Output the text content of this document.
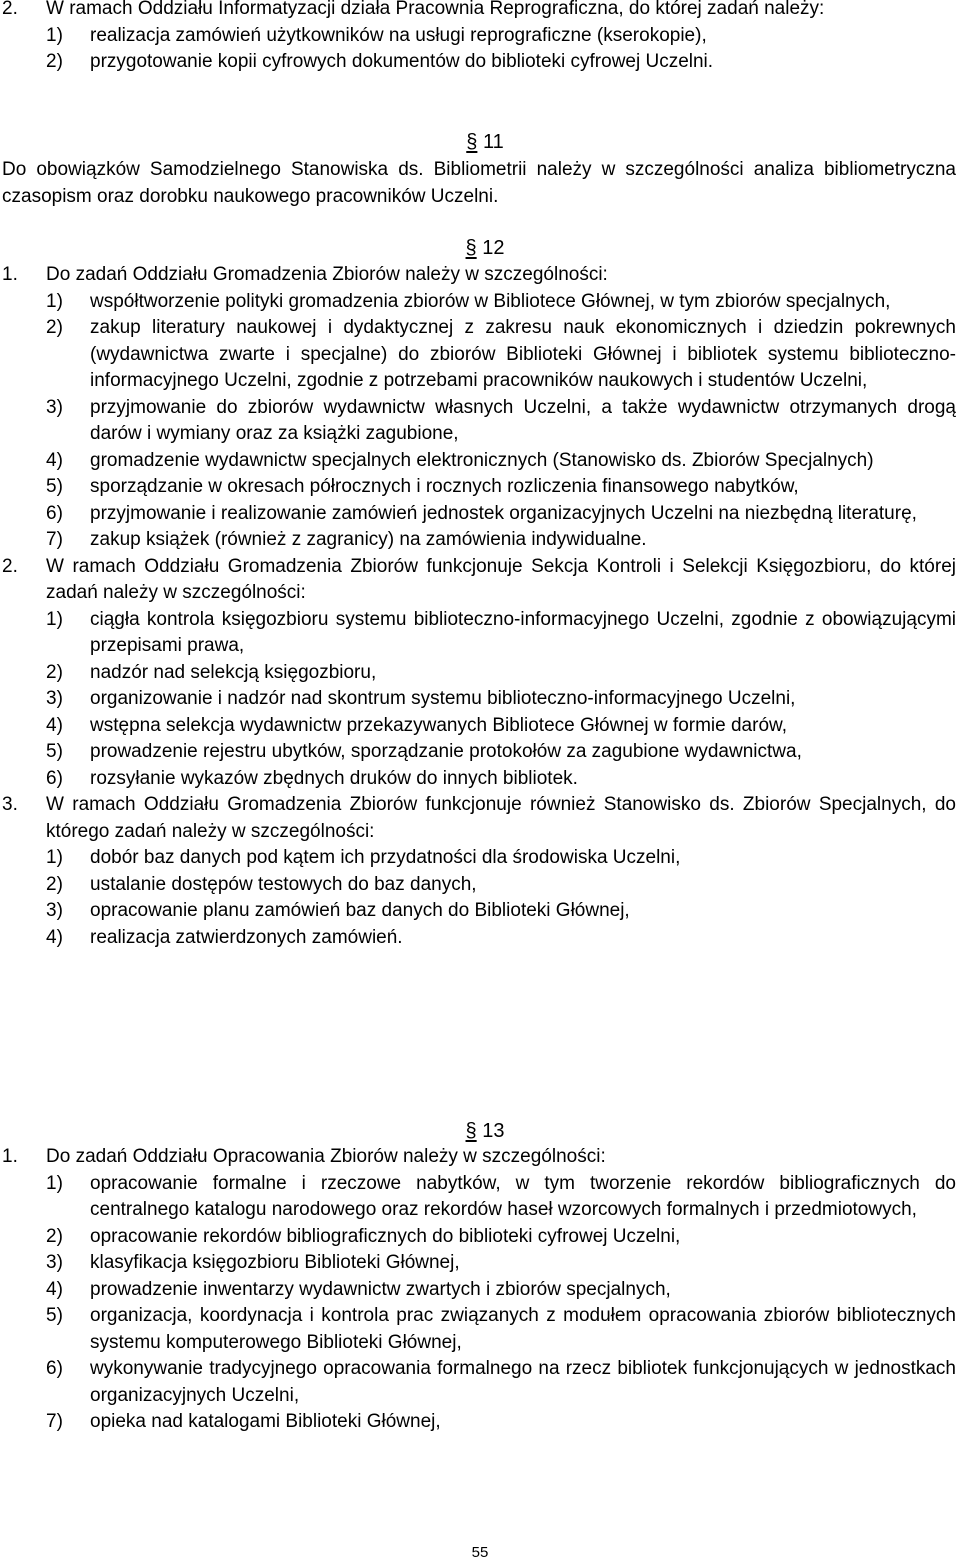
2. W ramach Oddziału Informatyzacji działa Pracownia Reprograficzna, do której zadań należy:
1) realizacja zamówień użytkowników na usługi reprograficzne (kserokopie),
2) przygotowanie kopii cyfrowych dokumentów do biblioteki cyfrowej Uczelni.
§ 11
Do obowiązków Samodzielnego Stanowiska ds. Bibliometrii należy w szczególności analiza bibliometryczna czasopism oraz dorobku naukowego pracowników Uczelni.
§ 12
1. Do zadań Oddziału Gromadzenia Zbiorów należy w szczególności:
1) współtworzenie polityki gromadzenia zbiorów w Bibliotece Głównej, w tym zbiorów specjalnych,
2) zakup literatury naukowej i dydaktycznej z zakresu nauk ekonomicznych i dziedzin pokrewnych (wydawnictwa zwarte i specjalne) do zbiorów Biblioteki Głównej i bibliotek systemu biblioteczno-informacyjnego Uczelni, zgodnie z potrzebami pracowników naukowych i studentów Uczelni,
3) przyjmowanie do zbiorów wydawnictw własnych Uczelni, a także wydawnictw otrzymanych drogą darów i wymiany oraz za książki zagubione,
4) gromadzenie wydawnictw specjalnych elektronicznych (Stanowisko ds. Zbiorów Specjalnych)
5) sporządzanie w okresach półrocznych i rocznych rozliczenia finansowego nabytków,
6) przyjmowanie i realizowanie zamówień jednostek organizacyjnych Uczelni na niezbędną literaturę,
7) zakup książek (również z zagranicy) na zamówienia indywidualne.
2. W ramach Oddziału Gromadzenia Zbiorów funkcjonuje Sekcja Kontroli i Selekcji Księgozbioru, do której zadań należy w szczególności:
1) ciągła kontrola księgozbioru systemu biblioteczno-informacyjnego Uczelni, zgodnie z obowiązującymi przepisami prawa,
2) nadzór nad selekcją księgozbioru,
3) organizowanie i nadzór nad skontrum systemu biblioteczno-informacyjnego Uczelni,
4) wstępna selekcja wydawnictw przekazywanych Bibliotece Głównej w formie darów,
5) prowadzenie rejestru ubytków, sporządzanie protokołów za zagubione wydawnictwa,
6) rozsyłanie wykazów zbędnych druków do innych bibliotek.
3. W ramach Oddziału Gromadzenia Zbiorów funkcjonuje również Stanowisko ds. Zbiorów Specjalnych, do którego zadań należy w szczególności:
1) dobór baz danych pod kątem ich przydatności dla środowiska Uczelni,
2) ustalanie dostępów testowych do baz danych,
3) opracowanie planu zamówień baz danych do Biblioteki Głównej,
4) realizacja zatwierdzonych zamówień.
§ 13
1. Do zadań Oddziału Opracowania Zbiorów należy w szczególności:
1) opracowanie formalne i rzeczowe nabytków, w tym tworzenie rekordów bibliograficznych do centralnego katalogu narodowego oraz rekordów haseł wzorcowych formalnych i przedmiotowych,
2) opracowanie rekordów bibliograficznych do biblioteki cyfrowej Uczelni,
3) klasyfikacja księgozbioru Biblioteki Głównej,
4) prowadzenie inwentarzy wydawnictw zwartych i zbiorów specjalnych,
5) organizacja, koordynacja i kontrola prac związanych z modułem opracowania zbiorów bibliotecznych systemu komputerowego Biblioteki Głównej,
6) wykonywanie tradycyjnego opracowania formalnego na rzecz bibliotek funkcjonujących w jednostkach organizacyjnych Uczelni,
7) opieka nad katalogami Biblioteki Głównej,
55
